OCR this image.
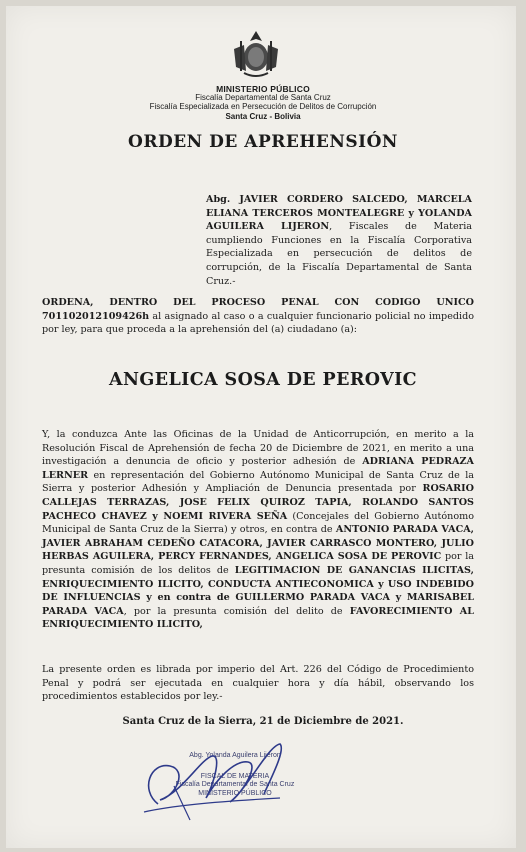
MINISTERIO PÚBLICO
Fiscalía Departamental de Santa Cruz
Fiscalía Especializada en Persecución de Delitos de Corrupción
Santa Cruz - Bolivia
ORDEN DE APREHENSIÓN
Abg. JAVIER CORDERO SALCEDO, MARCELA ELIANA TERCEROS MONTEALEGRE y YOLANDA AGUILERA LIJERON, Fiscales de Materia cumpliendo Funciones en la Fiscalía Corporativa Especializada en persecución de delitos de corrupción, de la Fiscalía Departamental de Santa Cruz.-
ORDENA, DENTRO DEL PROCESO PENAL CON CODIGO UNICO 701102012109426h al asignado al caso o a cualquier funcionario policial no impedido por ley, para que proceda a la aprehensión del (a) ciudadano (a):
ANGELICA SOSA DE PEROVIC
Y, la conduzca Ante las Oficinas de la Unidad de Anticorrupción, en merito a la Resolución Fiscal de Aprehensión de fecha 20 de Diciembre de 2021, en merito a una investigación a denuncia de oficio y posterior adhesión de ADRIANA PEDRAZA LERNER en representación del Gobierno Autónomo Municipal de Santa Cruz de la Sierra y posterior Adhesión y Ampliación de Denuncia presentada por ROSARIO CALLEJAS TERRAZAS, JOSE FELIX QUIROZ TAPIA, ROLANDO SANTOS PACHECO CHAVEZ y NOEMI RIVERA SEÑA (Concejales del Gobierno Autónomo Municipal de Santa Cruz de la Sierra) y otros, en contra de ANTONIO PARADA VACA, JAVIER ABRAHAM CEDEÑO CATACORA, JAVIER CARRASCO MONTERO, JULIO HERBAS AGUILERA, PERCY FERNANDES, ANGELICA SOSA DE PEROVIC por la presunta comisión de los delitos de LEGITIMACION DE GANANCIAS ILICITAS, ENRIQUECIMIENTO ILICITO, CONDUCTA ANTIECONOMICA y USO INDEBIDO DE INFLUENCIAS y en contra de GUILLERMO PARADA VACA y MARISABEL PARADA VACA, por la presunta comisión del delito de FAVORECIMIENTO AL ENRIQUECIMIENTO ILICITO,
La presente orden es librada por imperio del Art. 226 del Código de Procedimiento Penal y podrá ser ejecutada en cualquier hora y día hábil, observando los procedimientos establecidos por ley.-
Santa Cruz de la Sierra, 21 de Diciembre de 2021.
Abg. Yolanda Aguilera Lijeron
FISCAL DE MATERIA
Fiscalía Departamental de Santa Cruz
MINISTERIO PÚBLICO
